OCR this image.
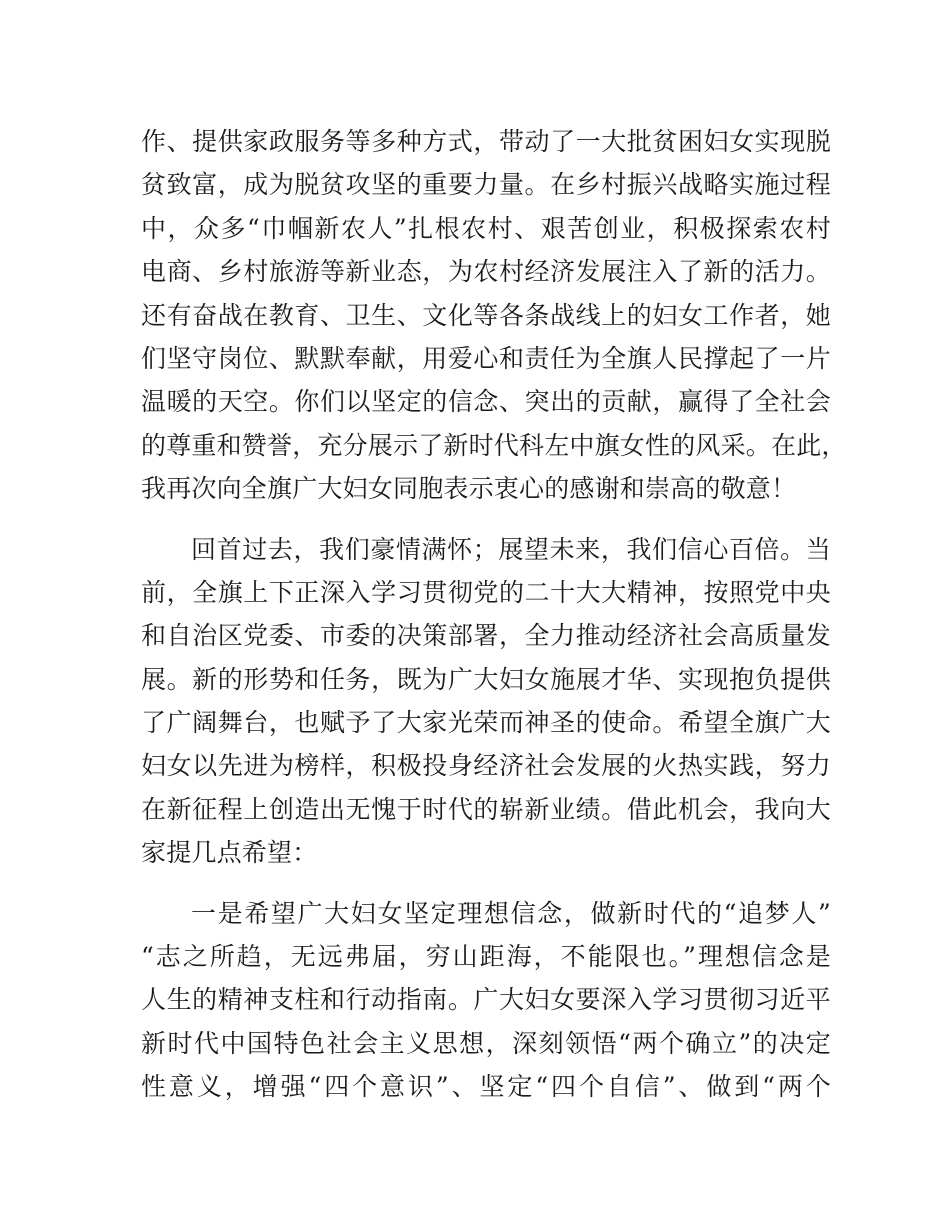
作、提供家政服务等多种方式，带动了一大批贫困妇女实现脱
贫致富，成为脱贫攻坚的重要力量。在乡村振兴战略实施过程
中，众多“巾帼新农人”扎根农村、艰苦创业，积极探索农村
电商、乡村旅游等新业态，为农村经济发展注入了新的活力。
还有奋战在教育、卫生、文化等各条战线上的妇女工作者，她
们坚守岗位、默默奉献，用爱心和责任为全旗人民撑起了一片
温暖的天空。你们以坚定的信念、突出的贡献，赢得了全社会
的尊重和赞誉，充分展示了新时代科左中旗女性的风采。在此，
我再次向全旗广大妇女同胞表示衷心的感谢和崇高的敬意！
回首过去，我们豪情满怀；展望未来，我们信心百倍。当
前，全旗上下正深入学习贯彻党的二十大大精神，按照党中央
和自治区党委、市委的决策部署，全力推动经济社会高质量发
展。新的形势和任务，既为广大妇女施展才华、实现抱负提供
了广阔舞台，也赋予了大家光荣而神圣的使命。希望全旗广大
妇女以先进为榜样，积极投身经济社会发展的火热实践，努力
在新征程上创造出无愧于时代的崭新业绩。借此机会，我向大
家提几点希望：
一是希望广大妇女坚定理想信念，做新时代的“追梦人”
“志之所趋，无远弗届，穷山距海，不能限也。”理想信念是
人生的精神支柱和行动指南。广大妇女要深入学习贯彻习近平
新时代中国特色社会主义思想，深刻领悟“两个确立”的决定
性意义，增强“四个意识”、坚定“四个自信”、做到“两个
